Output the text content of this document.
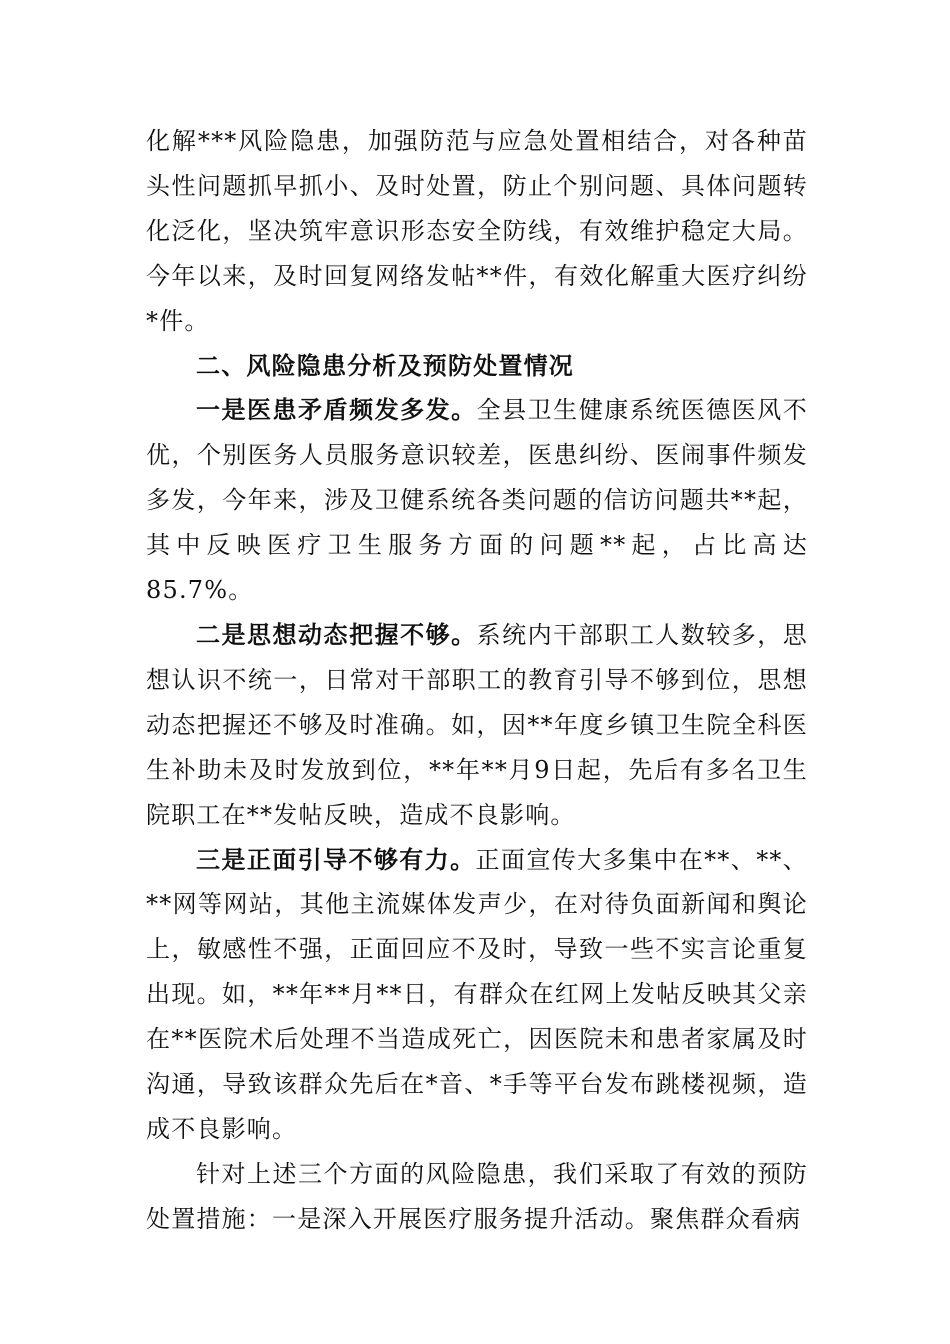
化解***风险隐患，加强防范与应急处置相结合，对各种苗头性问题抓早抓小、及时处置，防止个别问题、具体问题转化泛化，坚决筑牢意识形态安全防线，有效维护稳定大局。今年以来，及时回复网络发帖**件，有效化解重大医疗纠纷*件。

二、风险隐患分析及预防处置情况

一是医患矛盾频发多发。全县卫生健康系统医德医风不优，个别医务人员服务意识较差，医患纠纷、医闹事件频发多发，今年来，涉及卫健系统各类问题的信访问题共**起，其中反映医疗卫生服务方面的问题**起，占比高达85.7%。

二是思想动态把握不够。系统内干部职工人数较多，思想认识不统一，日常对干部职工的教育引导不够到位，思想动态把握还不够及时准确。如，因**年度乡镇卫生院全科医生补助未及时发放到位，**年**月9日起，先后有多名卫生院职工在**发帖反映，造成不良影响。

三是正面引导不够有力。正面宣传大多集中在**、**、**网等网站，其他主流媒体发声少，在对待负面新闻和舆论上，敏感性不强，正面回应不及时，导致一些不实言论重复出现。如，**年**月**日，有群众在红网上发帖反映其父亲在**医院术后处理不当造成死亡，因医院未和患者家属及时沟通，导致该群众先后在*音、*手等平台发布跳楼视频，造成不良影响。

针对上述三个方面的风险隐患，我们采取了有效的预防处置措施：一是深入开展医疗服务提升活动。聚焦群众看病
